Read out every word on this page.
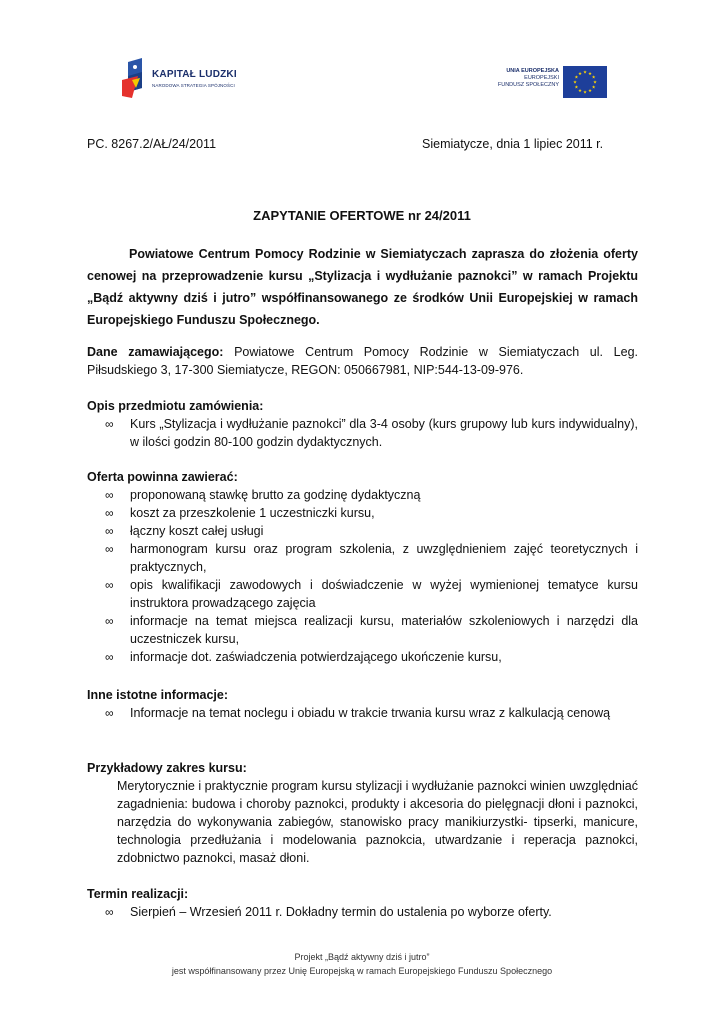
KAPITAŁ LUDZKI
NARODOWA STRATEGIA SPÓJNOŚCI
UNIA EUROPEJSKA
EUROPEJSKI
FUNDUSZ SPOŁECZNY
★ ★
★
★
★
★
★
★
★
★
★
★
PC. 8267.2/AŁ/24/2011	Siemiatycze, dnia 1 lipiec 2011 r.
ZAPYTANIE OFERTOWE nr 24/2011
Powiatowe Centrum Pomocy Rodzinie w Siemiatyczach zaprasza do złożenia oferty cenowej na przeprowadzenie kursu „Stylizacja i wydłużanie paznokci” w ramach Projektu „Bądź aktywny dziś i jutro” współfinansowanego ze środków Unii Europejskiej w ramach Europejskiego Funduszu Społecznego.
Dane zamawiającego: Powiatowe Centrum Pomocy Rodzinie w Siemiatyczach ul. Leg. Piłsudskiego 3, 17-300 Siemiatycze, REGON: 050667981, NIP:544-13-09-976.
Opis przedmiotu zamówienia:
∞ Kurs „Stylizacja i wydłużanie paznokci” dla 3-4 osoby (kurs grupowy lub kurs indywidualny), w ilości godzin 80-100 godzin dydaktycznych.
Oferta powinna zawierać:
∞ proponowaną stawkę brutto za godzinę dydaktyczną
∞ koszt za przeszkolenie 1 uczestniczki kursu,
∞ łączny koszt całej usługi
∞ harmonogram kursu oraz program szkolenia, z uwzględnieniem zajęć teoretycznych i praktycznych,
∞ opis kwalifikacji zawodowych i doświadczenie w wyżej wymienionej tematyce kursu instruktora prowadzącego zajęcia
∞ informacje na temat miejsca realizacji kursu, materiałów szkoleniowych i narzędzi dla uczestniczek kursu,
∞ informacje dot. zaświadczenia potwierdzającego ukończenie kursu,
Inne istotne informacje:
∞ Informacje na temat noclegu i obiadu w trakcie trwania kursu wraz z kalkulacją cenową
Przykładowy zakres kursu:
Merytorycznie i praktycznie program kursu stylizacji i wydłużanie paznokci winien uwzględniać zagadnienia: budowa i choroby paznokci, produkty i akcesoria do pielęgnacji dłoni i paznokci, narzędzia do wykonywania zabiegów, stanowisko pracy manikiurzystki- tipserki, manicure, technologia przedłużania i modelowania paznokcia, utwardzanie i reperacja paznokci, zdobnictwo paznokci, masaż dłoni.
Termin realizacji:
∞ Sierpień – Wrzesień 2011 r. Dokładny termin do ustalenia po wyborze oferty.
Projekt „Bądź aktywny dziś i jutro”
jest współfinansowany przez Unię Europejską w ramach Europejskiego Funduszu Społecznego
